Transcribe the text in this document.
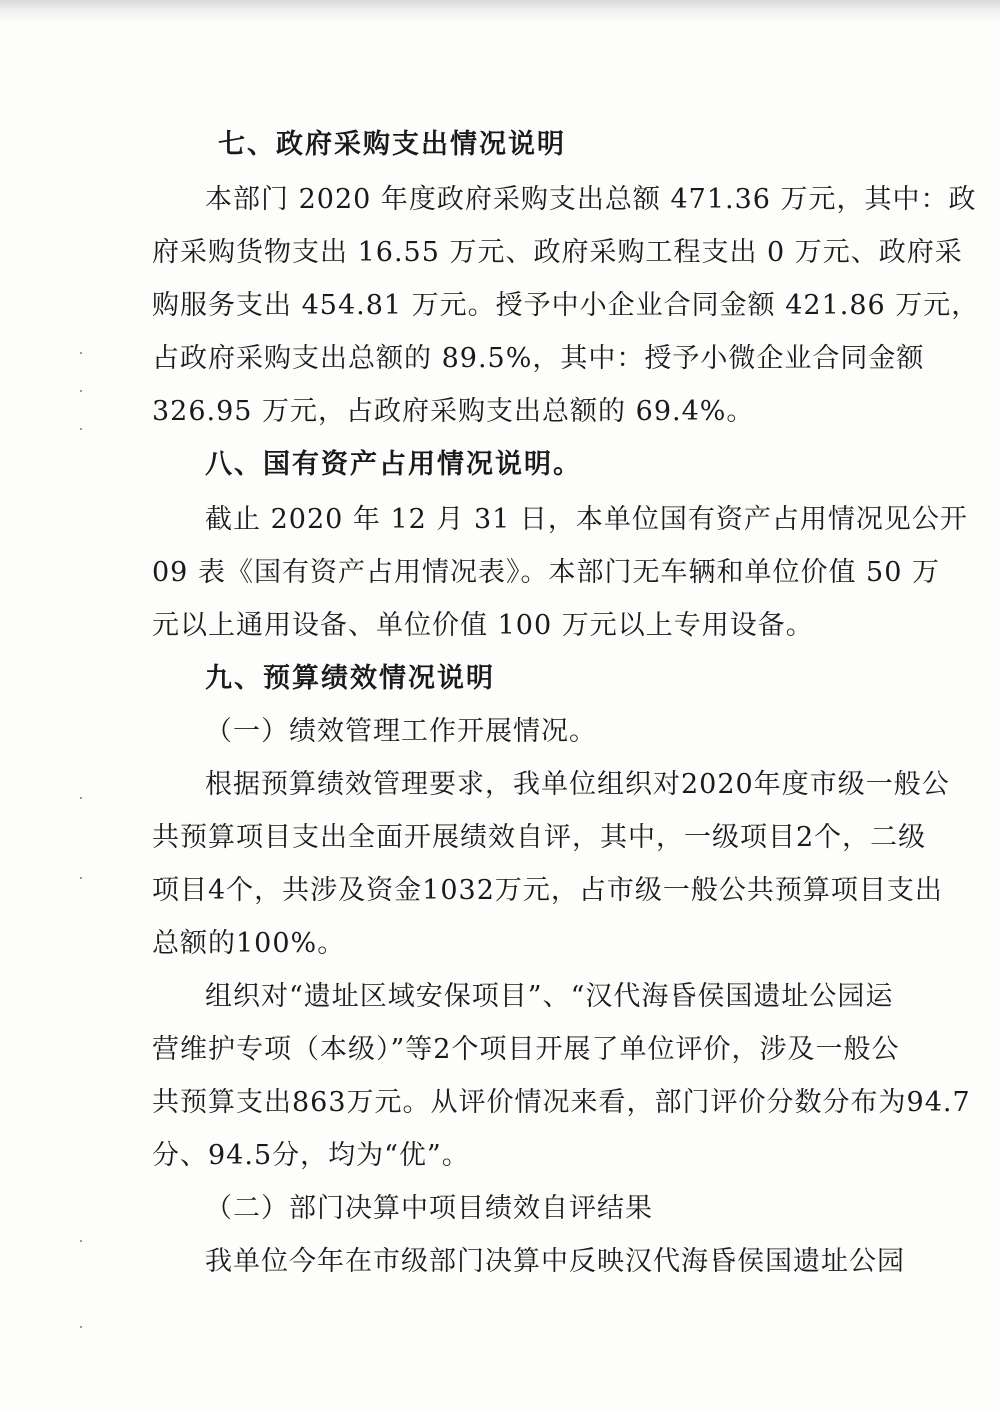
七、政府采购支出情况说明
本部门 2020 年度政府采购支出总额 471.36 万元，其中：政
府采购货物支出 16.55 万元、政府采购工程支出 0 万元、政府采
购服务支出 454.81 万元。授予中小企业合同金额 421.86 万元，
占政府采购支出总额的 89.5%，其中：授予小微企业合同金额
326.95 万元，占政府采购支出总额的 69.4%。
八、国有资产占用情况说明。
截止 2020 年 12 月 31 日，本单位国有资产占用情况见公开
09 表《国有资产占用情况表》。本部门无车辆和单位价值 50 万
元以上通用设备、单位价值 100 万元以上专用设备。
九、预算绩效情况说明
（一）绩效管理工作开展情况。
根据预算绩效管理要求，我单位组织对2020年度市级一般公
共预算项目支出全面开展绩效自评，其中，一级项目2个，二级
项目4个，共涉及资金1032万元，占市级一般公共预算项目支出
总额的100%。
组织对“遗址区域安保项目”、“汉代海昏侯国遗址公园运
营维护专项（本级）”等2个项目开展了单位评价，涉及一般公
共预算支出863万元。从评价情况来看，部门评价分数分布为94.7
分、94.5分，均为“优”。
（二）部门决算中项目绩效自评结果
我单位今年在市级部门决算中反映汉代海昏侯国遗址公园
